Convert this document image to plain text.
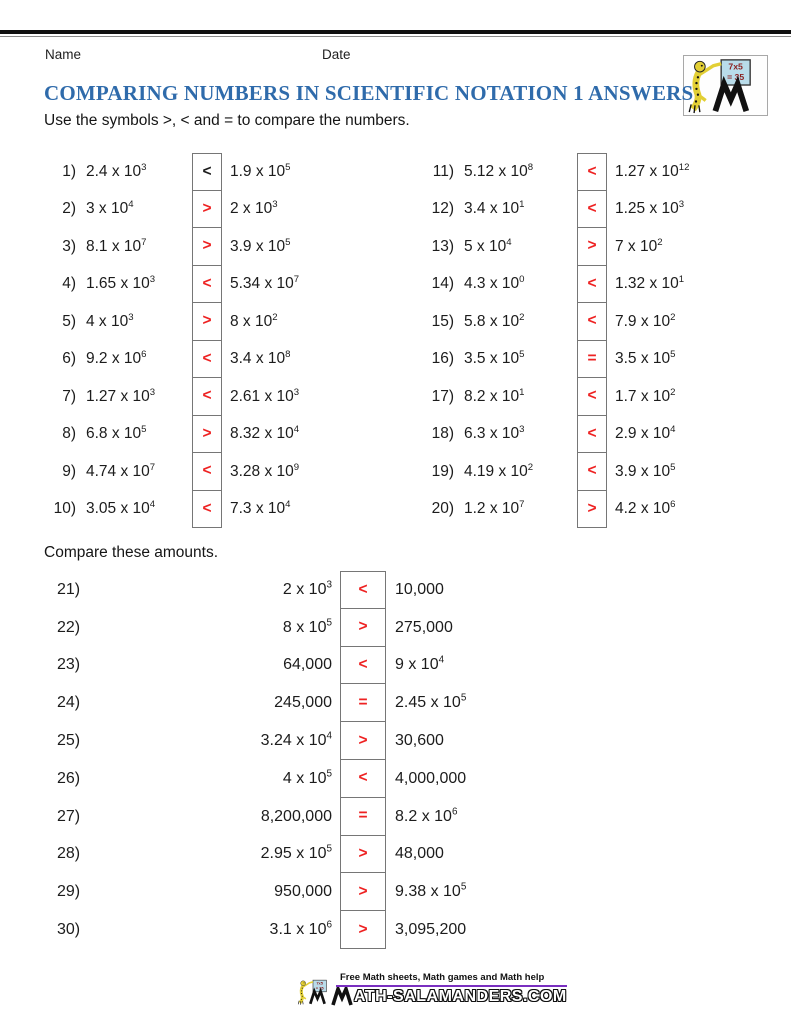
Name	Date
COMPARING NUMBERS IN SCIENTIFIC NOTATION 1 ANSWERS

Use the symbols >, < and = to compare the numbers.

1) 2.4 x $10^3$	< 1.9 x $10^5$
2) 3 x $10^4$	> 2 x $10^3$
3) 8.1 x $10^7$	> 3.9 x $10^5$
4) 1.65 x $10^3$	< 5.34 x $10^7$
5) 4 x $10^3$	> 8 x $10^2$
6) 9.2 x $10^6$	< 3.4 x $10^8$
7) 1.27 x $10^3$	< 2.61 x $10^3$
8) 6.8 x $10^5$	> 8.32 x $10^4$
9) 4.74 x $10^7$	< 3.28 x $10^9$
10) 3.05 x $10^4$	< 7.3 x $10^4$
11) 5.12 x $10^8$	< 1.27 x $10^{12}$
12) 3.4 x $10^1$	< 1.25 x $10^3$
13) 5 x $10^4$	> 7 x $10^2$
14) 4.3 x $10^0$	< 1.32 x $10^1$
15) 5.8 x $10^2$	< 7.9 x $10^2$
16) 3.5 x $10^5$	= 3.5 x $10^5$
17) 8.2 x $10^1$	< 1.7 x $10^2$
18) 6.3 x $10^3$	< 2.9 x $10^4$
19) 4.19 x $10^2$	< 3.9 x $10^5$
20) 1.2 x $10^7$	> 4.2 x $10^6$

Compare these amounts.

21)	2 x $10^3$	< 10,000
22)	8 x $10^5$	> 275,000
23)	64,000	< 9 x $10^4$
24)	245,000	= 2.45 x $10^5$
25)	3.24 x $10^4$	> 30,600
26)	4 x $10^5$	< 4,000,000
27)	8,200,000	= 8.2 x $10^6$
28)	2.95 x $10^5$	> 48,000
29)	950,000	> 9.38 x $10^5$
30)	3.1 x $10^6$	> 3,095,200
Free Math sheets, Math games and Math help
ATH-SALAMANDERS.COM
